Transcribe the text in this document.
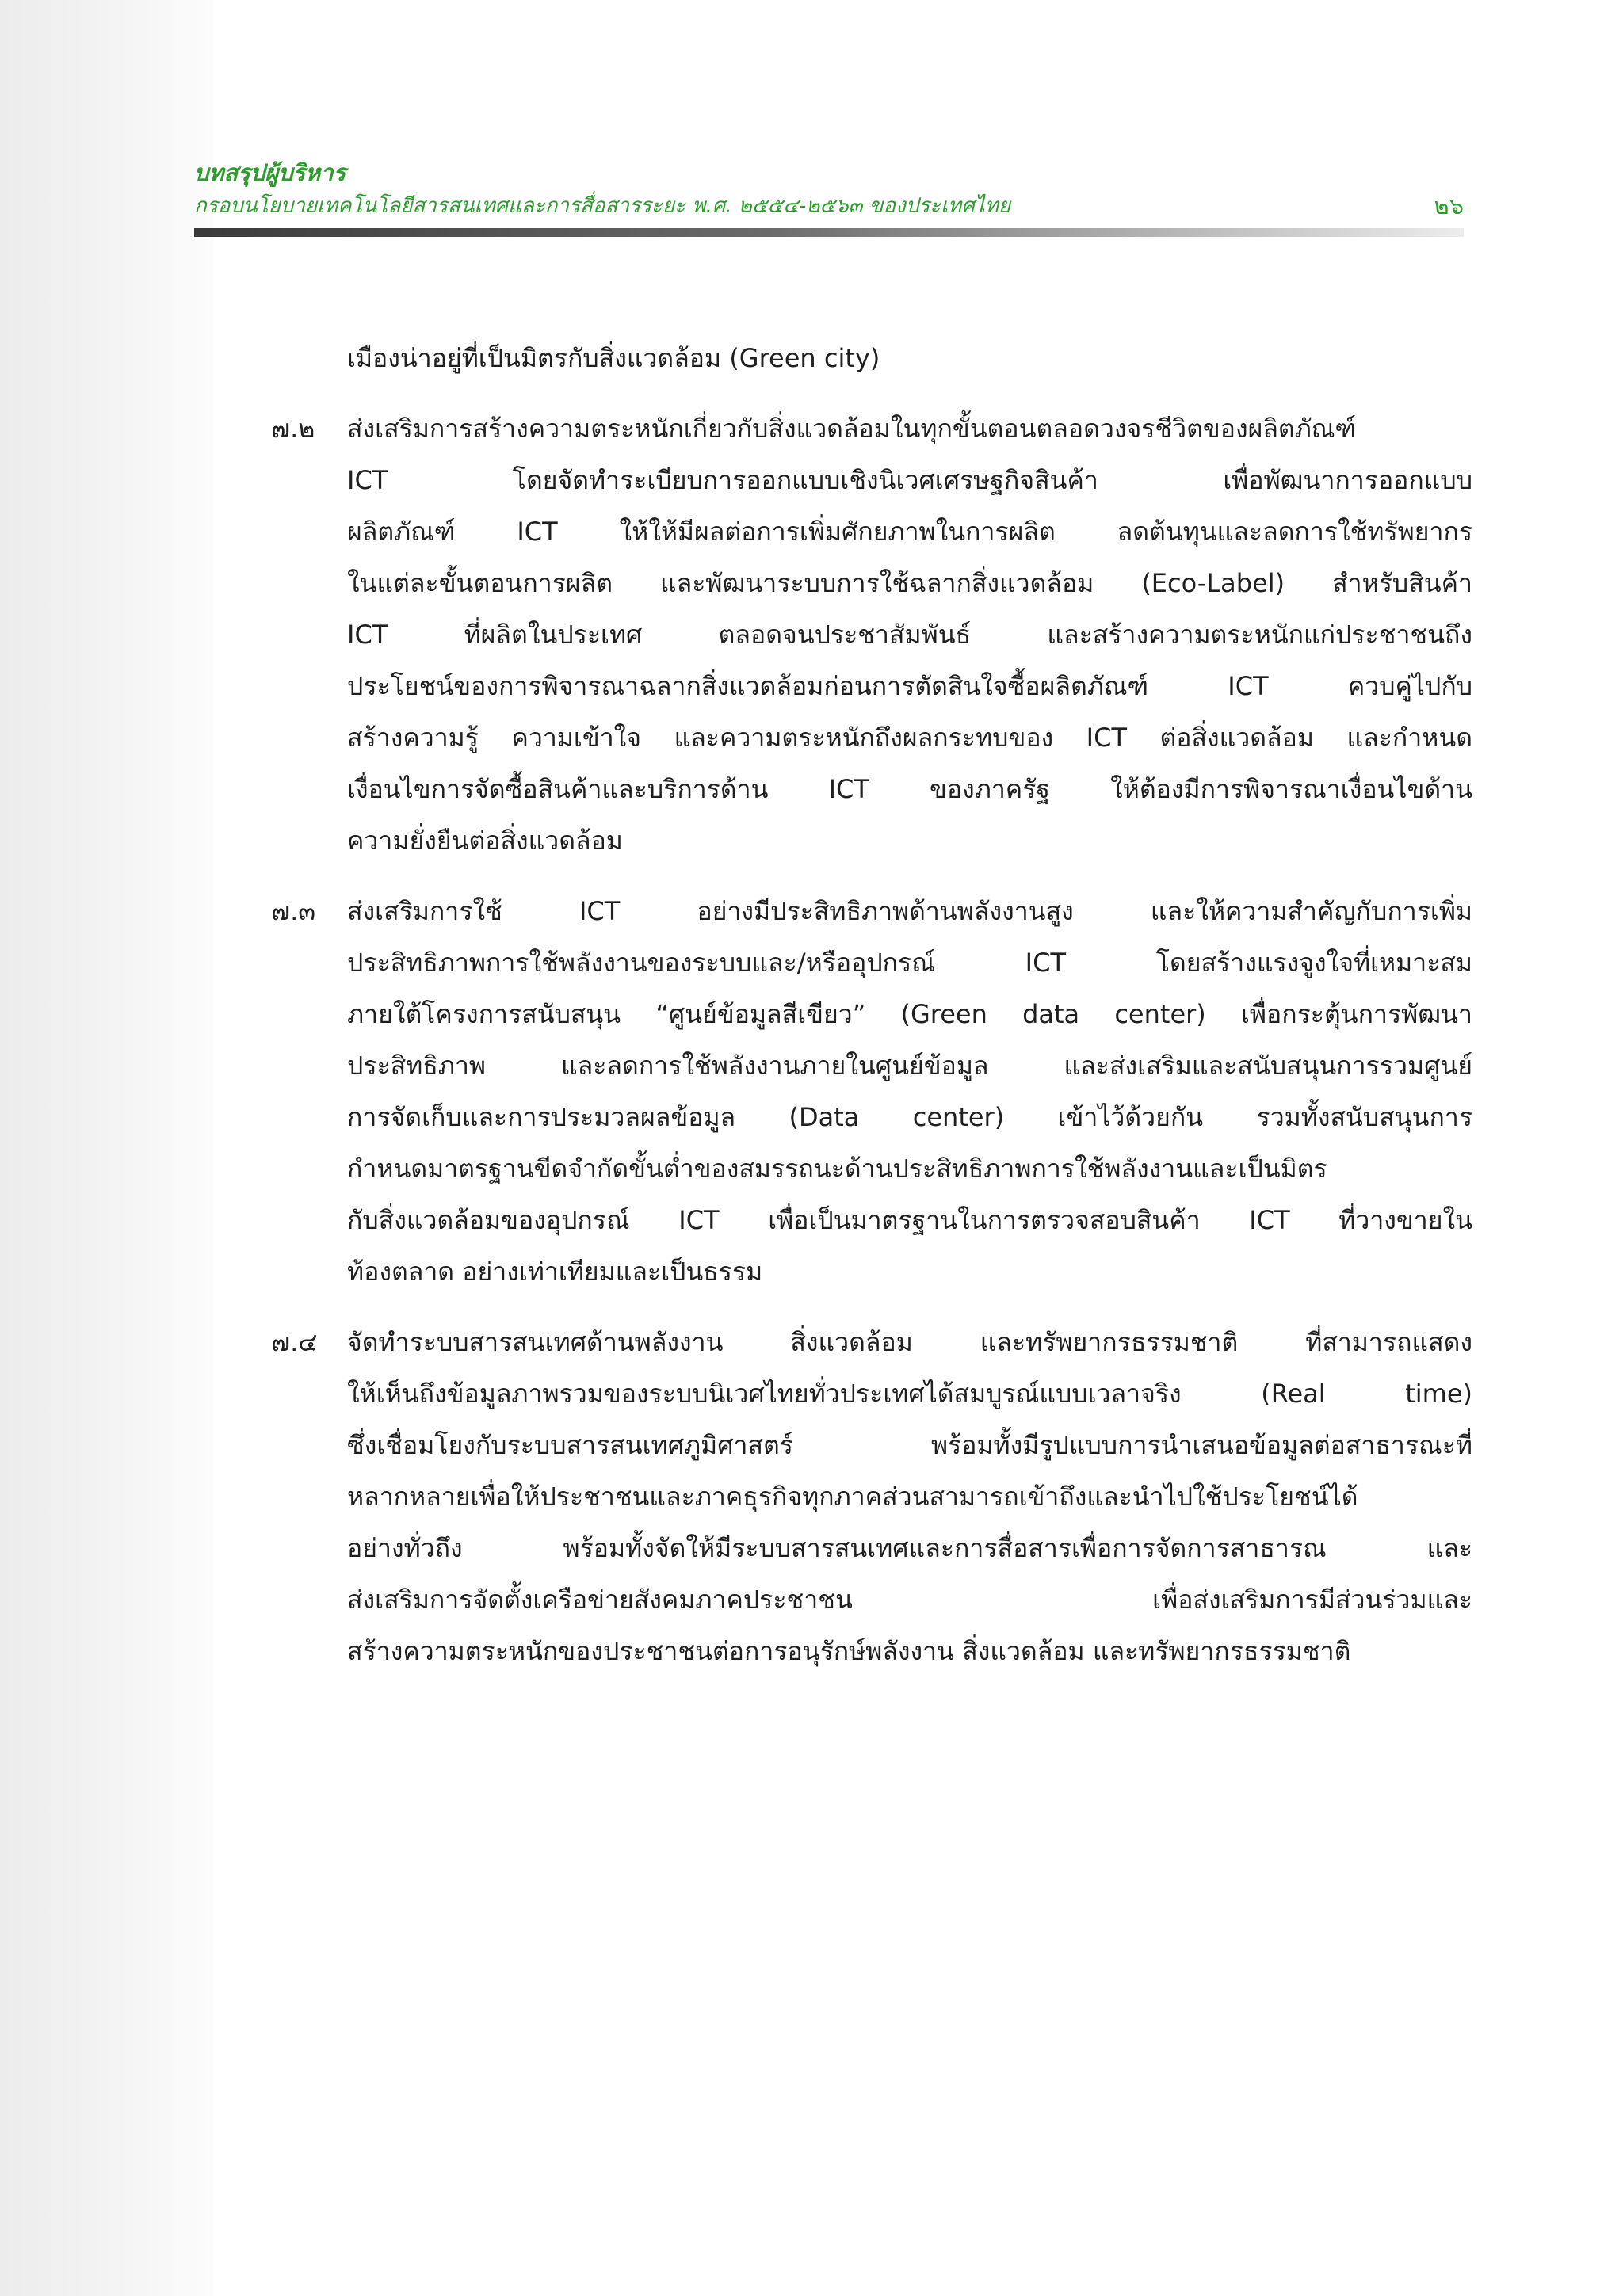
บทสรุปผู้บริหาร
กรอบนโยบายเทคโนโลยีสารสนเทศและการสื่อสารระยะ พ.ศ. ๒๕๕๔-๒๕๖๓ ของประเทศไทย	๒๖
เมืองน่าอยู่ที่เป็นมิตรกับสิ่งแวดล้อม (Green city)
๗.๒	ส่งเสริมการสร้างความตระหนักเกี่ยวกับสิ่งแวดล้อมในทุกขั้นตอนตลอดวงจรชีวิตของผลิตภัณฑ์
ICT โดยจัดทำระเบียบการออกแบบเชิงนิเวศเศรษฐกิจสินค้า เพื่อพัฒนาการออกแบบ
ผลิตภัณฑ์ ICT ให้ให้มีผลต่อการเพิ่มศักยภาพในการผลิต ลดต้นทุนและลดการใช้ทรัพยากร
ในแต่ละขั้นตอนการผลิต และพัฒนาระบบการใช้ฉลากสิ่งแวดล้อม (Eco-Label) สำหรับสินค้า
ICT ที่ผลิตในประเทศ ตลอดจนประชาสัมพันธ์ และสร้างความตระหนักแก่ประชาชนถึง
ประโยชน์ของการพิจารณาฉลากสิ่งแวดล้อมก่อนการตัดสินใจซื้อผลิตภัณฑ์ ICT ควบคู่ไปกับ
สร้างความรู้ ความเข้าใจ และความตระหนักถึงผลกระทบของ ICT ต่อสิ่งแวดล้อม และกำหนด
เงื่อนไขการจัดซื้อสินค้าและบริการด้าน ICT ของภาครัฐ ให้ต้องมีการพิจารณาเงื่อนไขด้าน
ความยั่งยืนต่อสิ่งแวดล้อม
๗.๓	ส่งเสริมการใช้ ICT อย่างมีประสิทธิภาพด้านพลังงานสูง และให้ความสำคัญกับการเพิ่ม
ประสิทธิภาพการใช้พลังงานของระบบและ/หรืออุปกรณ์ ICT โดยสร้างแรงจูงใจที่เหมาะสม
ภายใต้โครงการสนับสนุน “ศูนย์ข้อมูลสีเขียว” (Green data center) เพื่อกระตุ้นการพัฒนา
ประสิทธิภาพ และลดการใช้พลังงานภายในศูนย์ข้อมูล และส่งเสริมและสนับสนุนการรวมศูนย์
การจัดเก็บและการประมวลผลข้อมูล (Data center) เข้าไว้ด้วยกัน รวมทั้งสนับสนุนการ
กำหนดมาตรฐานขีดจำกัดขั้นต่ำของสมรรถนะด้านประสิทธิภาพการใช้พลังงานและเป็นมิตร
กับสิ่งแวดล้อมของอุปกรณ์ ICT เพื่อเป็นมาตรฐานในการตรวจสอบสินค้า ICT ที่วางขายใน
ท้องตลาด อย่างเท่าเทียมและเป็นธรรม
๗.๔	จัดทำระบบสารสนเทศด้านพลังงาน สิ่งแวดล้อม และทรัพยากรธรรมชาติ ที่สามารถแสดง
ให้เห็นถึงข้อมูลภาพรวมของระบบนิเวศไทยทั่วประเทศได้สมบูรณ์แบบเวลาจริง (Real time)
ซึ่งเชื่อมโยงกับระบบสารสนเทศภูมิศาสตร์ พร้อมทั้งมีรูปแบบการนำเสนอข้อมูลต่อสาธารณะที่
หลากหลายเพื่อให้ประชาชนและภาคธุรกิจทุกภาคส่วนสามารถเข้าถึงและนำไปใช้ประโยชน์ได้
อย่างทั่วถึง พร้อมทั้งจัดให้มีระบบสารสนเทศและการสื่อสารเพื่อการจัดการสาธารณ และ
ส่งเสริมการจัดตั้งเครือข่ายสังคมภาคประชาชน เพื่อส่งเสริมการมีส่วนร่วมและ
สร้างความตระหนักของประชาชนต่อการอนุรักษ์พลังงาน สิ่งแวดล้อม และทรัพยากรธรรมชาติ
